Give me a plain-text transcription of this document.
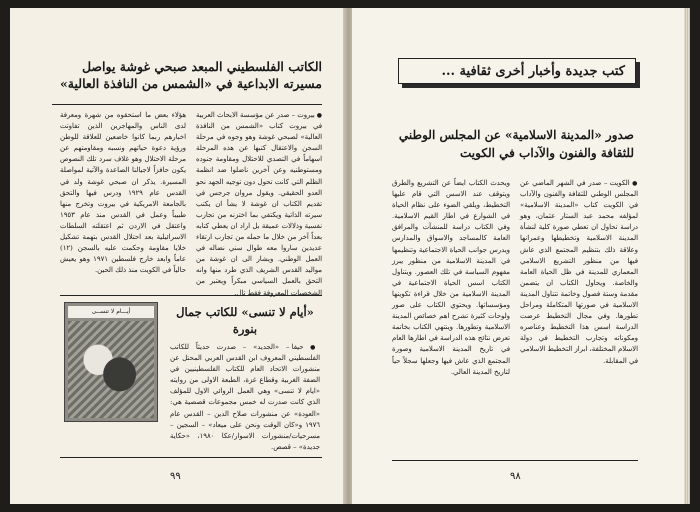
الكاتب الفلسطيني المبعد صبحي غوشة يواصل مسيرته الابداعية في «الشمس من النافذة العالية»
● بيروت – صدر عن مؤسسة الابحاث العربية في بيروت كتاب «الشمس من النافذة العالية» لصبحي غوشة وهو وجوه في مرحلة السجن والاعتقال كتبها عن هذه المرحلة اسهاماً في التصدي للاحتلال ومقاومة جنوده ومستوطنيه وعن آخرين ناضلوا ضد انظمة الظلم التي كانت تحول دون توجيه الجهد نحو العدو الحقيقي. ويقول مروان جرجس في تقديم الكتاب ان غوشة لا يشأ ان يكتب سيرته الذاتية ويكتفي بما اختزنه من تجارب نفسية وذلالات عميقة بل اراد ان يعطي كتابه بعداً آخر من خلال ما حمله من تجارب ارتقاء عديدين ساروا معه طوال سني نضاله في العمل الوطني. ويشار الى ان غوشة من مواليد القدس الشريف الذي طرد منها وانه التحق بالعمل السياسي مبكراً ويعتبر من الشخصيات المعروفة فقط تال.
هؤلاء بعض ما استحقوه من شهرة ومعرفة لدى الناس والمهاجرين الذين تفاوتت اخبارهم ربما كانوا خاضعين للعلاقة للوطن ورؤية دعوة حياتهم ونسبه ومقاومتهم عن مرحلة الاحتلال وهو غلاف سرد تلك النصوص يكون حافزاً لاجيالنا الصاعدة والآتية لمواصلة المسيرة. يذكر ان صبحي غوشة ولد في القدس عام ١٩٢٩ ودرس فيها والتحق بالجامعة الامريكية في بيروت وتخرج منها طبيباً وعمل في القدس منذ عام ١٩٥٣ واعتقل في الاردن ثم اعتقلته السلطات الاسرائيلية بعد احتلال القدس بتهمة تشكيل خلايا مقاومة وحكمت عليه بالسجن (١٢) عاماً وابعد خارج فلسطين ١٩٧١ وهو يعيش حالياً في الكويت منذ ذلك الحين.
«أيام لا تنسى» للكاتب جمال بنورة
أيـــام لا تنســى
● حيفا – «الجديد» – صدرت حديثاً للكاتب الفلسطيني المعروف ابن القدس العربي المحتل عن منشورات الاتحاد العام للكتاب الفلسطينيين في الضفة الغربية وقطاع غزة، الطبعة الاولى من روايته «ايام لا تنسى» وهي العمل الروائي الاول للمؤلف الذي كانت صدرت له خمس مجموعات قصصية هي: «العودة» عن منشورات صلاح الدين – القدس عام ١٩٧٦ و«كان الوقت ونحن على ميعاد» – السجين – مسرحيات/منشورات الاسوار/عكا ١٩٨٠، «حكاية جديدة» – قصص.
٩٩
كتب جديدة وأخبار أخرى ثقافية ...
صدور «المدينة الاسلامية» عن المجلس الوطني للثقافة والفنون والآداب في الكويت
● الكويت – صدر في الشهر الماضي عن المجلس الوطني للثقافة والفنون والآداب في الكويت كتاب «المدينة الاسلامية» لمؤلفه محمد عبد الستار عثمان، وهو دراسة تحاول ان تعطي صورة كلية لنشأة المدينة الاسلامية وتخطيطها وعمرانها وعلاقة ذلك بتنظيم المجتمع الذي عاش فيها من منظور التشريع الاسلامي المعماري للمدينة في ظل الحياة العامة والخاصة. ويحاول الكتاب ان يتضمن مقدمة وستة فصول وخاتمة تتناول المدينة الاسلامية في صورتها المتكاملة ومراحل تطورها. وفي مجال التخطيط عرضت الدراسة اسس هذا التخطيط وعناصره ومكوناته وتجارب التخطيط في دولة الاسلام المختلفة، ابراز التخطيط الاسلامي في المقابلة.
ويحدث الكتاب ايضاً عن التشريع والطرق ويتوقف عند الاسس التي قام عليها التخطيط، ويلقي الضوء على نظام الحياة في الشوارع في اطار القيم الاسلامية. وفي الكتاب دراسة للمنشآت والمرافق العامة كالمساجد والاسواق والمدارس ويدرس جوانب الحياة الاجتماعية وتنظيمها في المدينة الاسلامية من منظور يبرز مفهوم السياسة في تلك العصور. ويتناول الكتاب اسس الحياة الاجتماعية في المدينة الاسلامية من خلال قراءة تكوينها ومؤسساتها. ويحتوي الكتاب على صور ولوحات كثيرة تشرح اهم خصائص المدينة الاسلامية وتطورها. وينتهي الكتاب بخاتمة تعرض نتائج هذه الدراسة في اطارها العام في تاريخ المدينة الاسلامية وصورة المجتمع الذي عاش فيها وجعلها سجلاً حياً لتاريخ المدينة العالي.
٩٨
